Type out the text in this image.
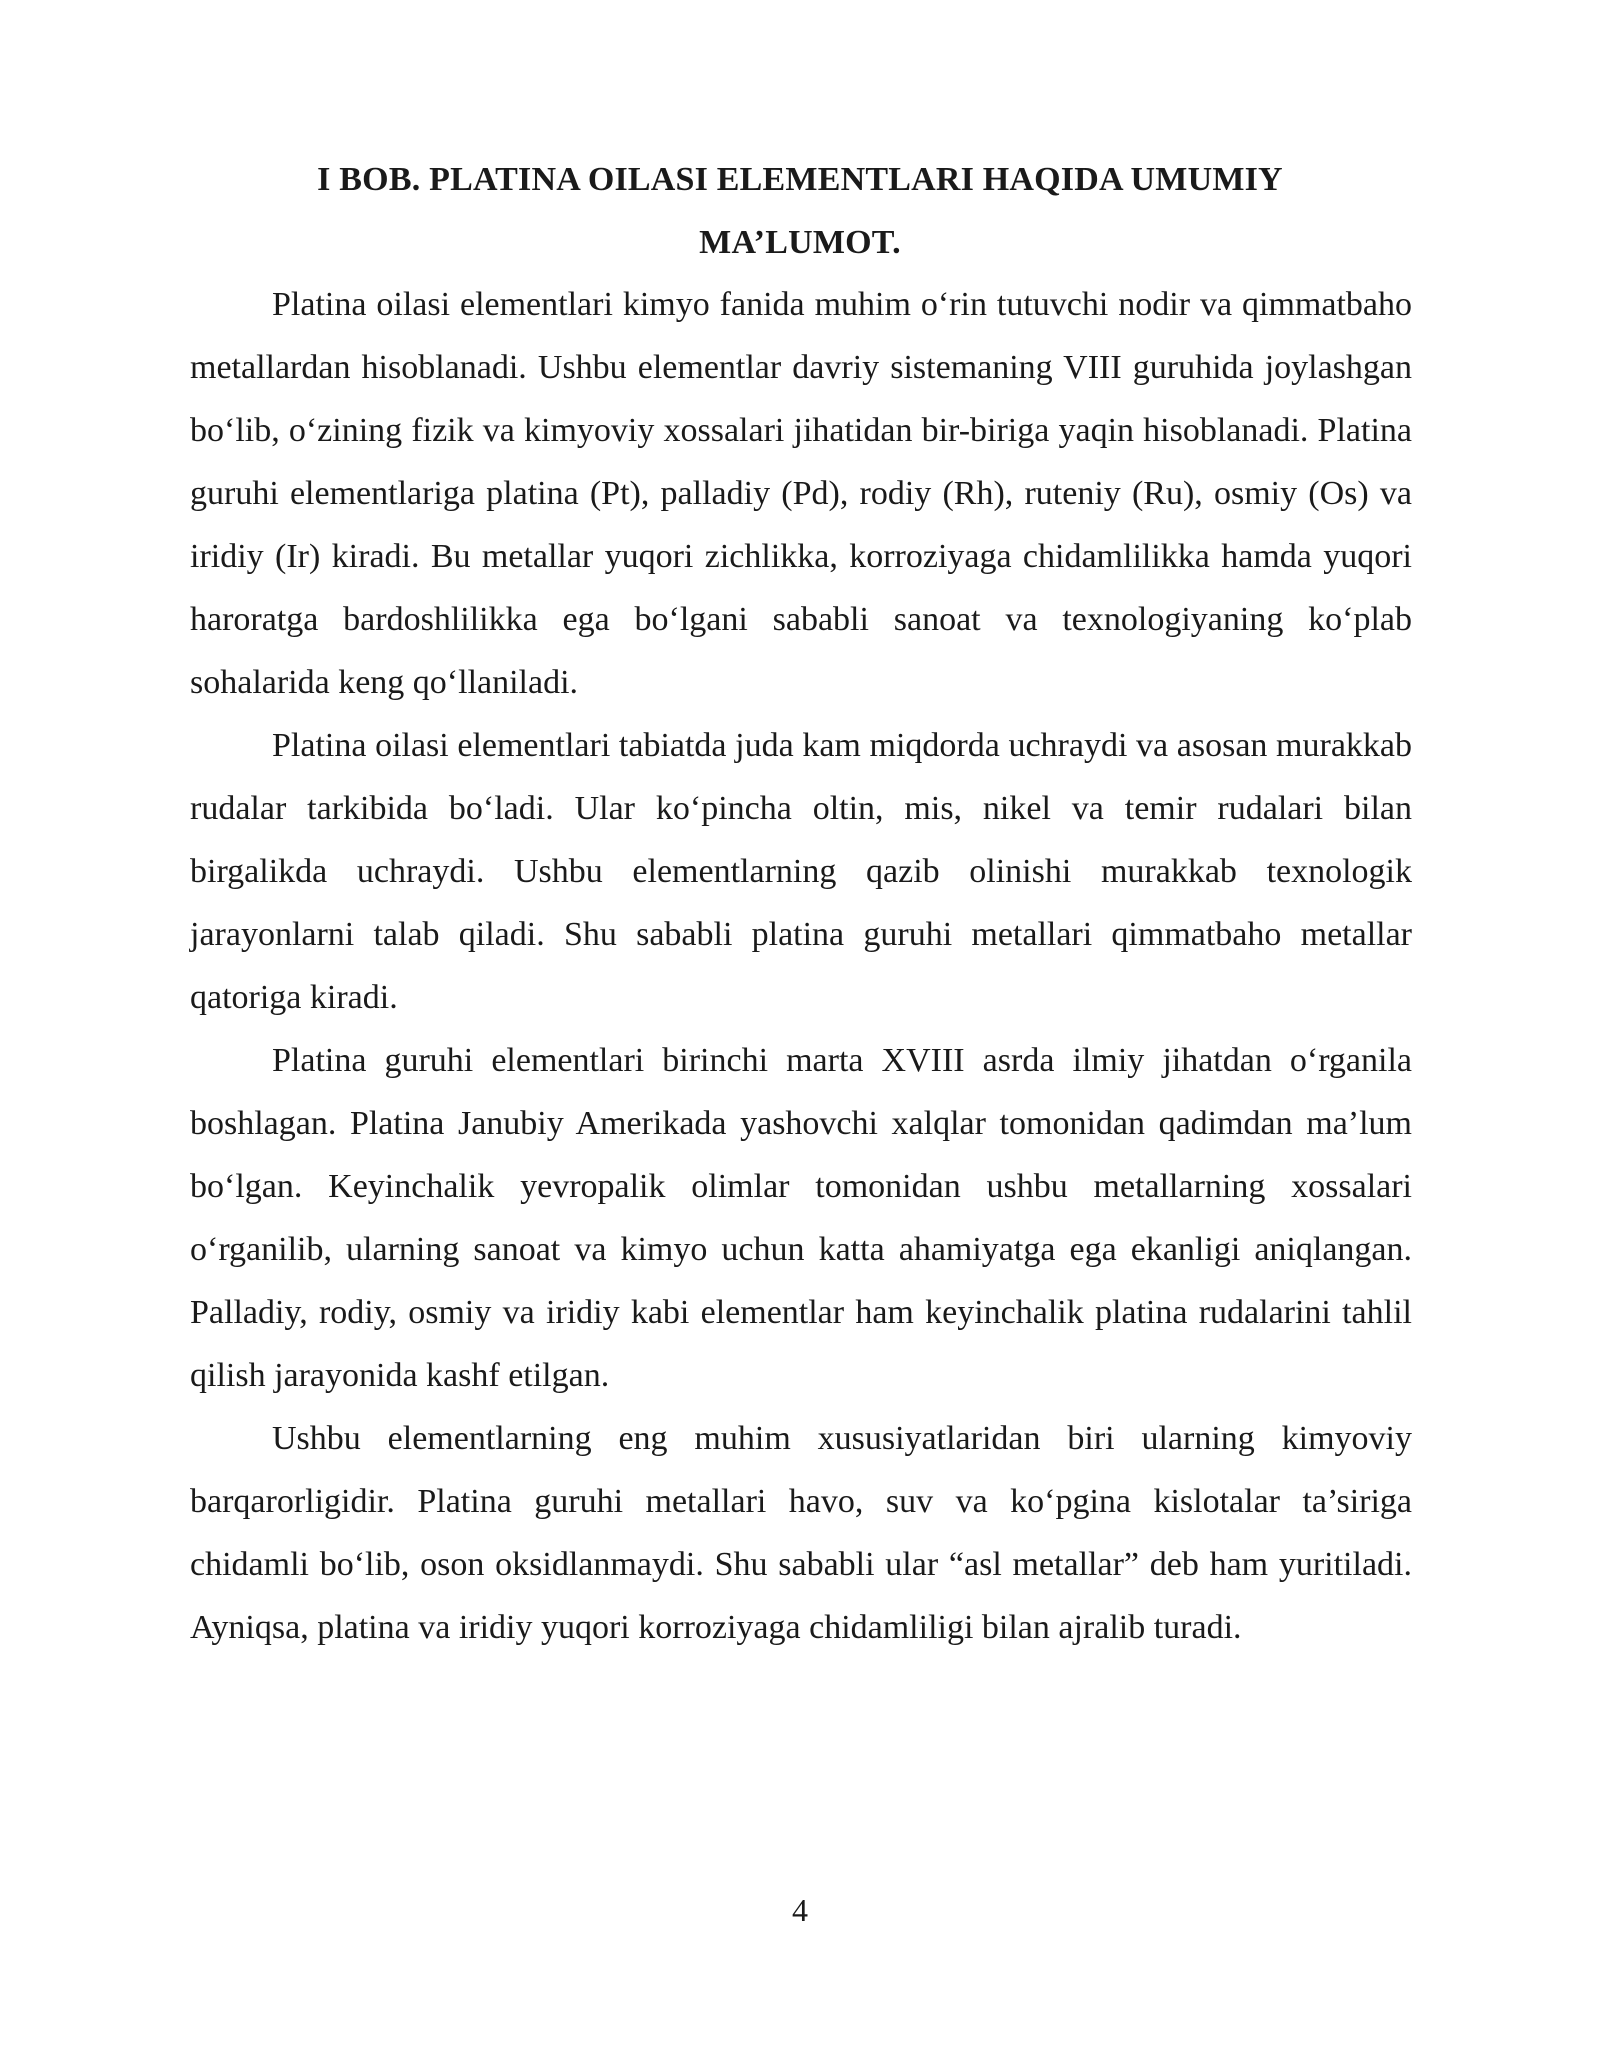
I BOB. PLATINA OILASI ELEMENTLARI HAQIDA UMUMIY
MA’LUMOT.

Platina oilasi elementlari kimyo fanida muhim o‘rin tutuvchi nodir va qimmatbaho metallardan hisoblanadi. Ushbu elementlar davriy sistemaning VIII guruhida joylashgan bo‘lib, o‘zining fizik va kimyoviy xossalari jihatidan bir-biriga yaqin hisoblanadi. Platina guruhi elementlariga platina (Pt), palladiy (Pd), rodiy (Rh), ruteniy (Ru), osmiy (Os) va iridiy (Ir) kiradi. Bu metallar yuqori zichlikka, korroziyaga chidamlilikka hamda yuqori haroratga bardoshlilikka ega bo‘lgani sababli sanoat va texnologiyaning ko‘plab sohalarida keng qo‘llaniladi.

Platina oilasi elementlari tabiatda juda kam miqdorda uchraydi va asosan murakkab rudalar tarkibida bo‘ladi. Ular ko‘pincha oltin, mis, nikel va temir rudalari bilan birgalikda uchraydi. Ushbu elementlarning qazib olinishi murakkab texnologik jarayonlarni talab qiladi. Shu sababli platina guruhi metallari qimmatbaho metallar qatoriga kiradi.

Platina guruhi elementlari birinchi marta XVIII asrda ilmiy jihatdan o‘rganila boshlagan. Platina Janubiy Amerikada yashovchi xalqlar tomonidan qadimdan ma’lum bo‘lgan. Keyinchalik yevropalik olimlar tomonidan ushbu metallarning xossalari o‘rganilib, ularning sanoat va kimyo uchun katta ahamiyatga ega ekanligi aniqlangan. Palladiy, rodiy, osmiy va iridiy kabi elementlar ham keyinchalik platina rudalarini tahlil qilish jarayonida kashf etilgan.

Ushbu elementlarning eng muhim xususiyatlaridan biri ularning kimyoviy barqarorligidir. Platina guruhi metallari havo, suv va ko‘pgina kislotalar ta’siriga chidamli bo‘lib, oson oksidlanmaydi. Shu sababli ular “asl metallar” deb ham yuritiladi. Ayniqsa, platina va iridiy yuqori korroziyaga chidamliligi bilan ajralib turadi.

4
